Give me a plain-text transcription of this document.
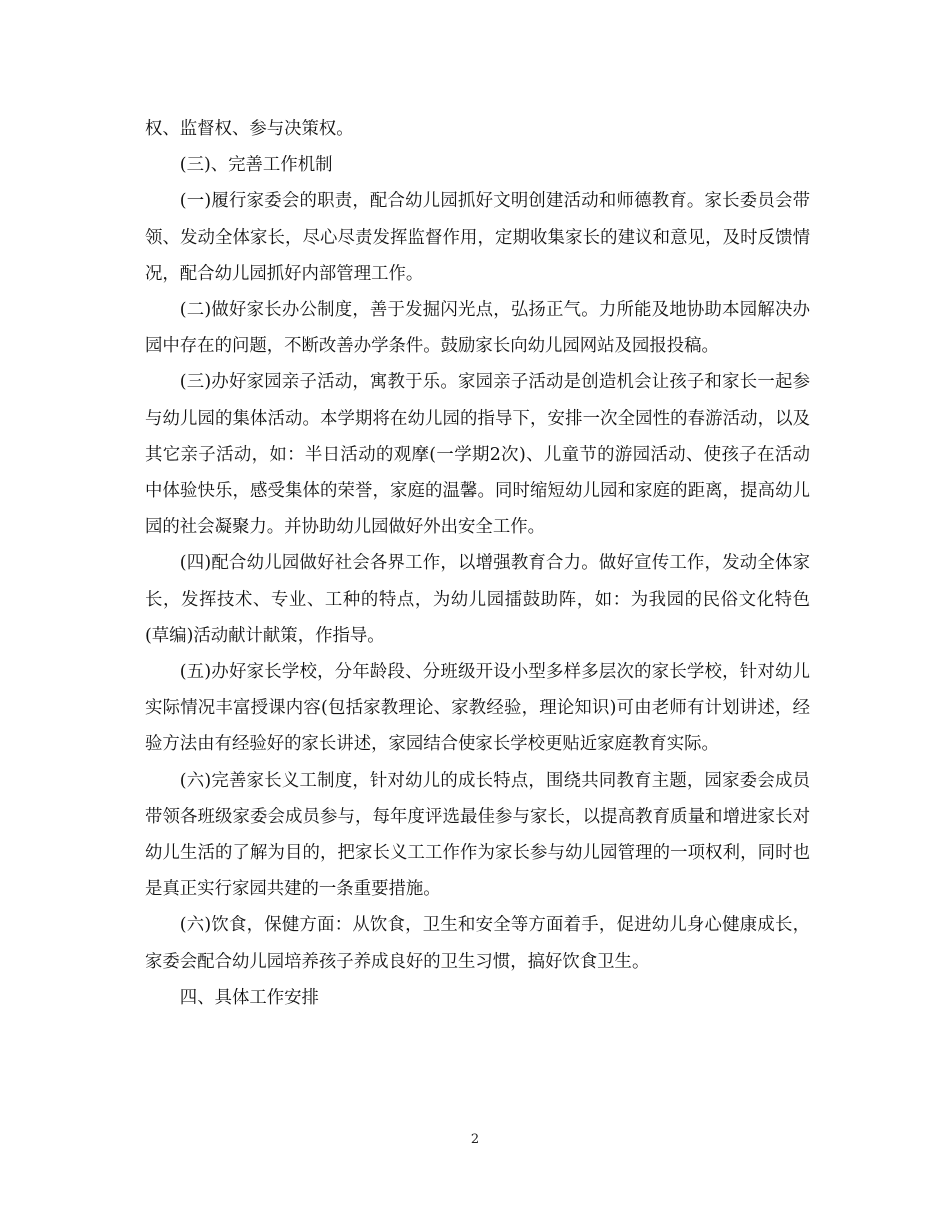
权、监督权、参与决策权。

(三)、完善工作机制

(一)履行家委会的职责，配合幼儿园抓好文明创建活动和师德教育。家长委员会带领、发动全体家长，尽心尽责发挥监督作用，定期收集家长的建议和意见，及时反馈情况，配合幼儿园抓好内部管理工作。

(二)做好家长办公制度，善于发掘闪光点，弘扬正气。力所能及地协助本园解决办园中存在的问题，不断改善办学条件。鼓励家长向幼儿园网站及园报投稿。

(三)办好家园亲子活动，寓教于乐。家园亲子活动是创造机会让孩子和家长一起参与幼儿园的集体活动。本学期将在幼儿园的指导下，安排一次全园性的春游活动，以及其它亲子活动，如：半日活动的观摩(一学期2次)、儿童节的游园活动、使孩子在活动中体验快乐，感受集体的荣誉，家庭的温馨。同时缩短幼儿园和家庭的距离，提高幼儿园的社会凝聚力。并协助幼儿园做好外出安全工作。

(四)配合幼儿园做好社会各界工作，以增强教育合力。做好宣传工作，发动全体家长，发挥技术、专业、工种的特点，为幼儿园擂鼓助阵，如：为我园的民俗文化特色(草编)活动献计献策，作指导。

(五)办好家长学校，分年龄段、分班级开设小型多样多层次的家长学校，针对幼儿实际情况丰富授课内容(包括家教理论、家教经验，理论知识)可由老师有计划讲述，经验方法由有经验好的家长讲述，家园结合使家长学校更贴近家庭教育实际。

(六)完善家长义工制度，针对幼儿的成长特点，围绕共同教育主题，园家委会成员带领各班级家委会成员参与，每年度评选最佳参与家长，以提高教育质量和增进家长对幼儿生活的了解为目的，把家长义工工作作为家长参与幼儿园管理的一项权利，同时也是真正实行家园共建的一条重要措施。

(六)饮食，保健方面：从饮食，卫生和安全等方面着手，促进幼儿身心健康成长，家委会配合幼儿园培养孩子养成良好的卫生习惯，搞好饮食卫生。

四、具体工作安排

2
